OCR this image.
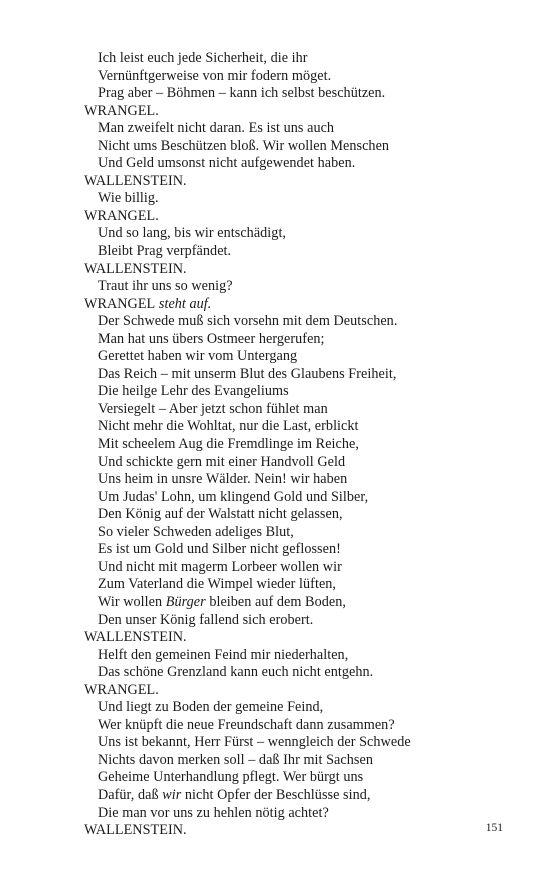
Ich leist euch jede Sicherheit, die ihr
Vernünftgerweise von mir fodern möget.
Prag aber – Böhmen – kann ich selbst beschützen.
WRANGEL.
Man zweifelt nicht daran. Es ist uns auch
Nicht ums Beschützen bloß. Wir wollen Menschen
Und Geld umsonst nicht aufgewendet haben.
WALLENSTEIN.
Wie billig.
WRANGEL.
Und so lang, bis wir entschädigt,
Bleibt Prag verpfändet.
WALLENSTEIN.
Traut ihr uns so wenig?
WRANGEL steht auf.
Der Schwede muß sich vorsehn mit dem Deutschen.
Man hat uns übers Ostmeer hergerufen;
Gerettet haben wir vom Untergang
Das Reich – mit unserm Blut des Glaubens Freiheit,
Die heilge Lehr des Evangeliums
Versiegelt – Aber jetzt schon fühlet man
Nicht mehr die Wohltat, nur die Last, erblickt
Mit scheelem Aug die Fremdlinge im Reiche,
Und schickte gern mit einer Handvoll Geld
Uns heim in unsre Wälder. Nein! wir haben
Um Judas' Lohn, um klingend Gold und Silber,
Den König auf der Walstatt nicht gelassen,
So vieler Schweden adeliges Blut,
Es ist um Gold und Silber nicht geflossen!
Und nicht mit magerm Lorbeer wollen wir
Zum Vaterland die Wimpel wieder lüften,
Wir wollen Bürger bleiben auf dem Boden,
Den unser König fallend sich erobert.
WALLENSTEIN.
Helft den gemeinen Feind mir niederhalten,
Das schöne Grenzland kann euch nicht entgehn.
WRANGEL.
Und liegt zu Boden der gemeine Feind,
Wer knüpft die neue Freundschaft dann zusammen?
Uns ist bekannt, Herr Fürst – wenngleich der Schwede
Nichts davon merken soll – daß Ihr mit Sachsen
Geheime Unterhandlung pflegt. Wer bürgt uns
Dafür, daß wir nicht Opfer der Beschlüsse sind,
Die man vor uns zu hehlen nötig achtet?
WALLENSTEIN.	151
